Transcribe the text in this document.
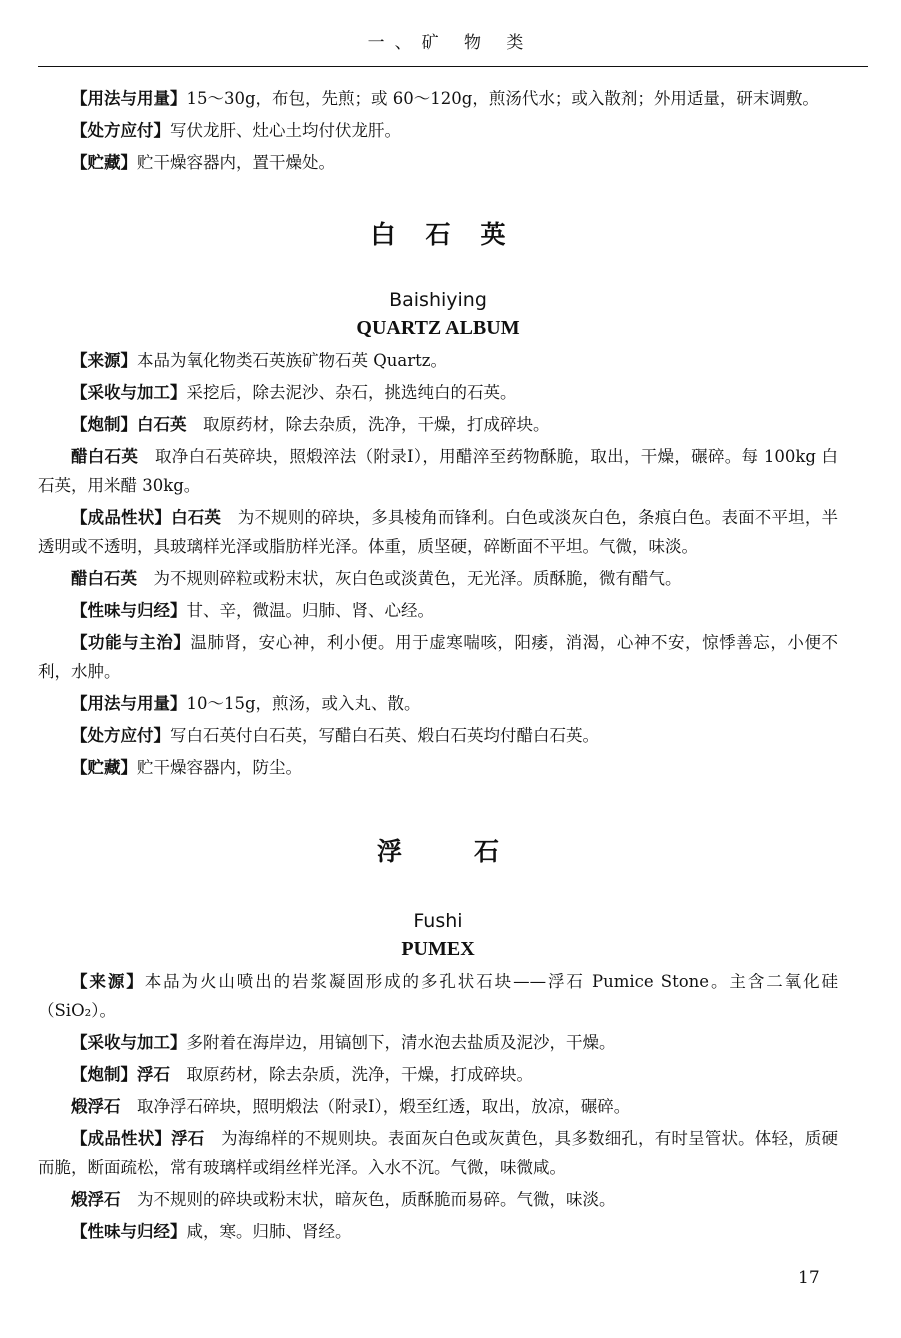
一、矿 物 类

【用法与用量】15～30g，布包，先煎；或 60～120g，煎汤代水；或入散剂；外用适量，研末调敷。

【处方应付】写伏龙肝、灶心土均付伏龙肝。

【贮藏】贮干燥容器内，置干燥处。

白石英

Baishiying

QUARTZ ALBUM

【来源】本品为氧化物类石英族矿物石英 Quartz。

【采收与加工】采挖后，除去泥沙、杂石，挑选纯白的石英。

【炮制】白石英　取原药材，除去杂质，洗净，干燥，打成碎块。

醋白石英　取净白石英碎块，照煅淬法（附录Ⅰ），用醋淬至药物酥脆，取出，干燥，碾碎。每 100kg 白石英，用米醋 30kg。

【成品性状】白石英　为不规则的碎块，多具棱角而锋利。白色或淡灰白色，条痕白色。表面不平坦，半透明或不透明，具玻璃样光泽或脂肪样光泽。体重，质坚硬，碎断面不平坦。气微，味淡。

醋白石英　为不规则碎粒或粉末状，灰白色或淡黄色，无光泽。质酥脆，微有醋气。

【性味与归经】甘、辛，微温。归肺、肾、心经。

【功能与主治】温肺肾，安心神，利小便。用于虚寒喘咳，阳痿，消渴，心神不安，惊悸善忘，小便不利，水肿。

【用法与用量】10～15g，煎汤，或入丸、散。

【处方应付】写白石英付白石英，写醋白石英、煅白石英均付醋白石英。

【贮藏】贮干燥容器内，防尘。

浮石

Fushi

PUMEX

【来源】本品为火山喷出的岩浆凝固形成的多孔状石块——浮石 Pumice Stone。主含二氧化硅（SiO₂）。

【采收与加工】多附着在海岸边，用镐刨下，清水泡去盐质及泥沙，干燥。

【炮制】浮石　取原药材，除去杂质，洗净，干燥，打成碎块。

煅浮石　取净浮石碎块，照明煅法（附录Ⅰ），煅至红透，取出，放凉，碾碎。

【成品性状】浮石　为海绵样的不规则块。表面灰白色或灰黄色，具多数细孔，有时呈管状。体轻，质硬而脆，断面疏松，常有玻璃样或绢丝样光泽。入水不沉。气微，味微咸。

煅浮石　为不规则的碎块或粉末状，暗灰色，质酥脆而易碎。气微，味淡。

【性味与归经】咸，寒。归肺、肾经。

17
